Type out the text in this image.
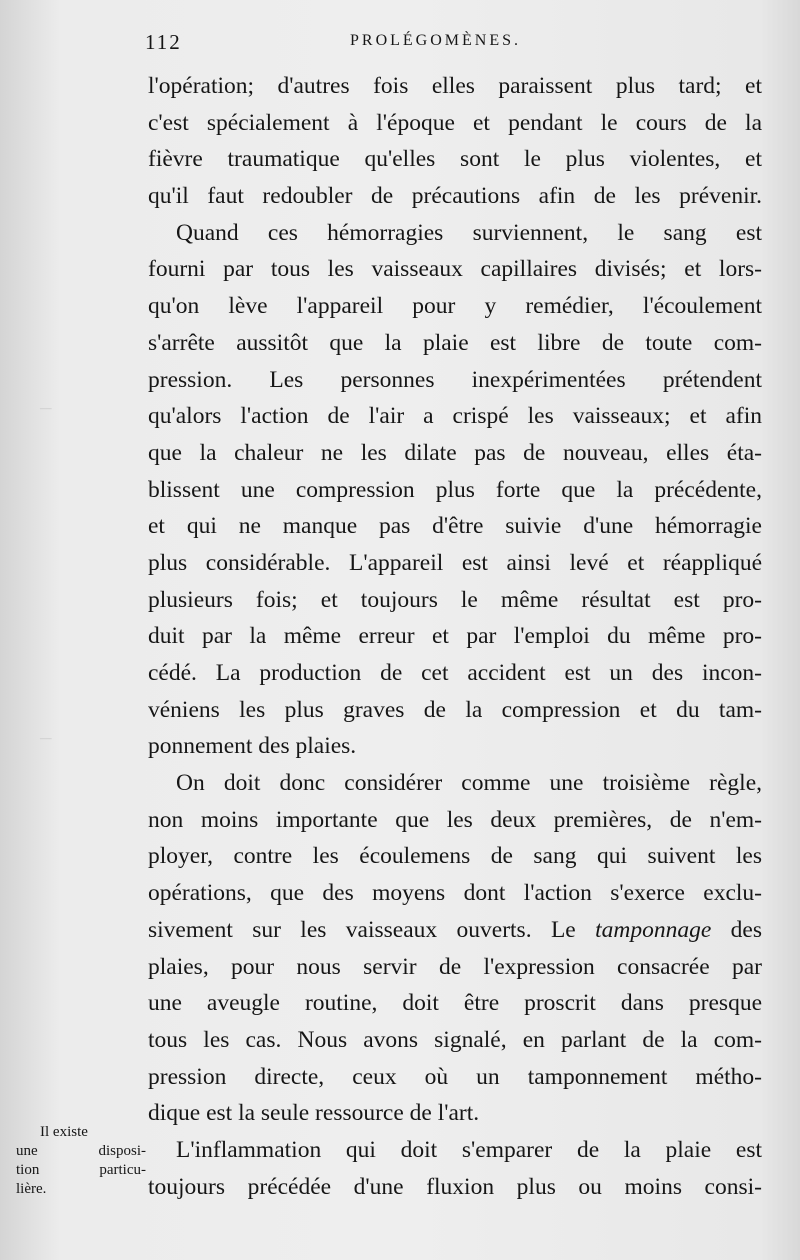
112	PROLÉGOMÈNES.
—
—
l'opération; d'autres fois elles paraissent plus tard; et
c'est spécialement à l'époque et pendant le cours de la
fièvre traumatique qu'elles sont le plus violentes, et
qu'il faut redoubler de précautions afin de les prévenir.
Quand ces hémorragies surviennent, le sang est
fourni par tous les vaisseaux capillaires divisés; et lors-
qu'on lève l'appareil pour y remédier, l'écoulement
s'arrête aussitôt que la plaie est libre de toute com-
pression. Les personnes inexpérimentées prétendent
qu'alors l'action de l'air a crispé les vaisseaux; et afin
que la chaleur ne les dilate pas de nouveau, elles éta-
blissent une compression plus forte que la précédente,
et qui ne manque pas d'être suivie d'une hémorragie
plus considérable. L'appareil est ainsi levé et réappliqué
plusieurs fois; et toujours le même résultat est pro-
duit par la même erreur et par l'emploi du même pro-
cédé. La production de cet accident est un des incon-
véniens les plus graves de la compression et du tam-
ponnement des plaies.
On doit donc considérer comme une troisième règle,
non moins importante que les deux premières, de n'em-
ployer, contre les écoulemens de sang qui suivent les
opérations, que des moyens dont l'action s'exerce exclu-
sivement sur les vaisseaux ouverts. Le tamponnage des
plaies, pour nous servir de l'expression consacrée par
une aveugle routine, doit être proscrit dans presque
tous les cas. Nous avons signalé, en parlant de la com-
pression directe, ceux où un tamponnement métho-
dique est la seule ressource de l'art.
L'inflammation qui doit s'emparer de la plaie est
toujours précédée d'une fluxion plus ou moins consi-
Il existe
une disposi-
tion particu-
lière.
